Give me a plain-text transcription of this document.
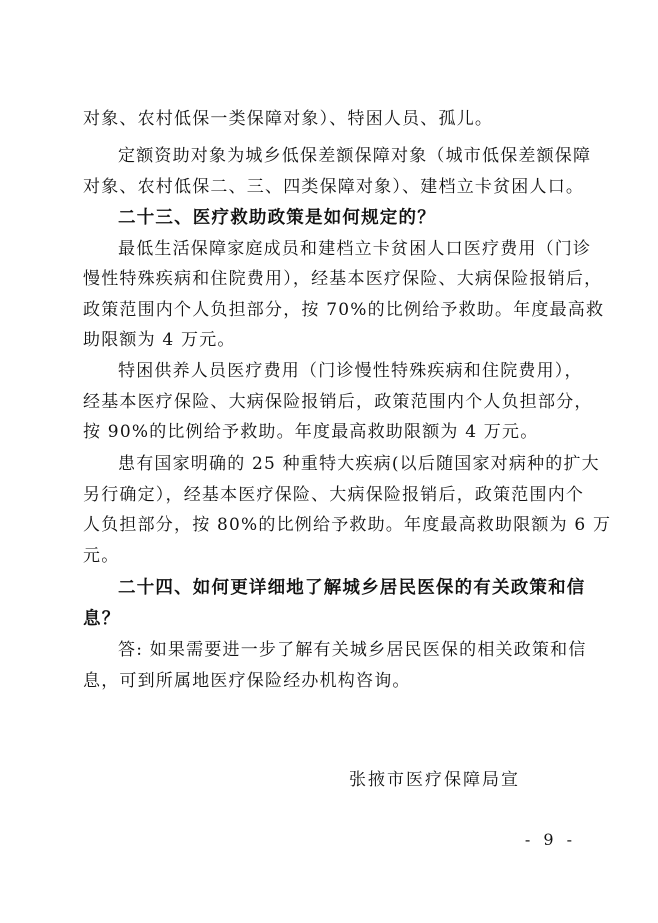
对象、农村低保一类保障对象）、特困人员、孤儿。
定额资助对象为城乡低保差额保障对象（城市低保差额保障
对象、农村低保二、三、四类保障对象）、建档立卡贫困人口。
二十三、医疗救助政策是如何规定的？
最低生活保障家庭成员和建档立卡贫困人口医疗费用（门诊
慢性特殊疾病和住院费用），经基本医疗保险、大病保险报销后，
政策范围内个人负担部分，按 70%的比例给予救助。年度最高救
助限额为 4 万元。
特困供养人员医疗费用（门诊慢性特殊疾病和住院费用），
经基本医疗保险、大病保险报销后，政策范围内个人负担部分，
按 90%的比例给予救助。年度最高救助限额为 4 万元。
患有国家明确的 25 种重特大疾病(以后随国家对病种的扩大
另行确定），经基本医疗保险、大病保险报销后，政策范围内个
人负担部分，按 80%的比例给予救助。年度最高救助限额为 6 万
元。
二十四、如何更详细地了解城乡居民医保的有关政策和信
息？
答: 如果需要进一步了解有关城乡居民医保的相关政策和信
息，可到所属地医疗保险经办机构咨询。
张掖市医疗保障局宣
- 9 -
